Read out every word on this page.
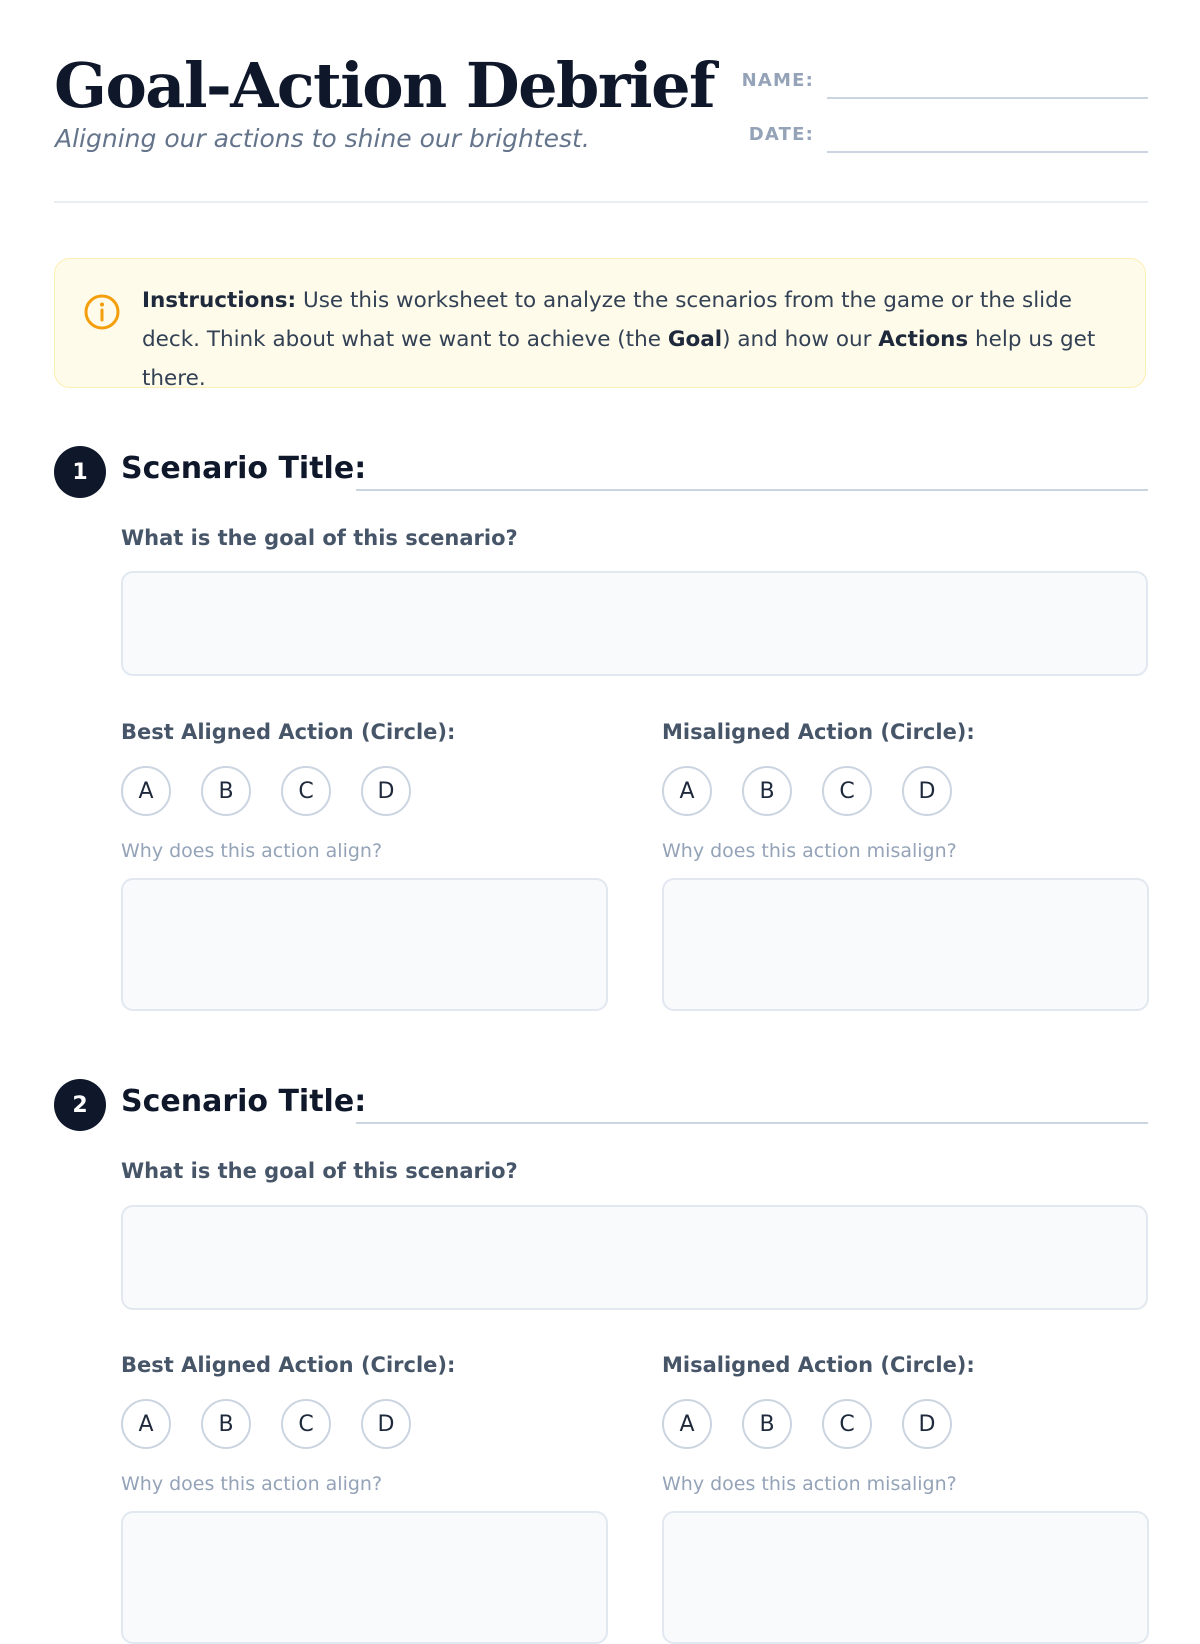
Goal-Action Debrief

Aligning our actions to shine our brightest.

NAME:
DATE:
Instructions: Use this worksheet to analyze the scenarios from the game or the slide deck. Think about what we want to achieve (the Goal) and how our Actions help us get there.
1	Scenario Title:
What is the goal of this scenario?
Best Aligned Action (Circle):
A	B	C	D
Why does this action align?
Misaligned Action (Circle):
A	B	C	D
Why does this action misalign?
2	Scenario Title:
What is the goal of this scenario?
Best Aligned Action (Circle):
A	B	C	D
Why does this action align?
Misaligned Action (Circle):
A	B	C	D
Why does this action misalign?
